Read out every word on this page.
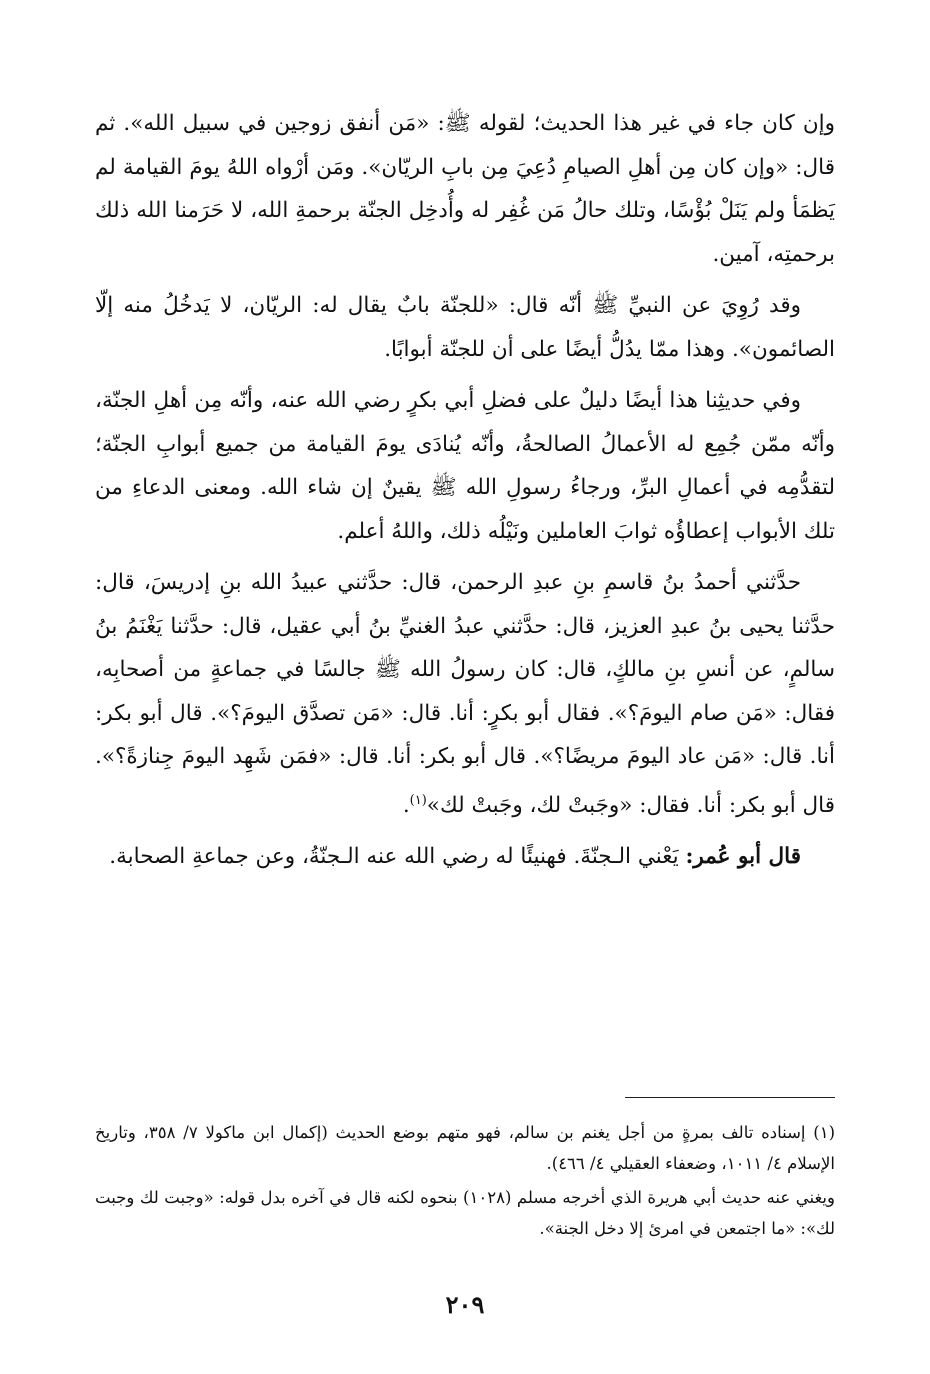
وإن كان جاء في غير هذا الحديث؛ لقوله ﷺ: «مَن أنفق زوجين في سبيل الله». ثم قال: «وإن كان مِن أهلِ الصيامِ دُعِيَ مِن بابِ الريّان». ومَن أرْواه اللهُ يومَ القيامة لم يَظمَأ ولم يَنَلْ بُؤْسًا، وتلك حالُ مَن غُفِر له وأُدخِل الجنّة برحمةِ الله، لا حَرَمنا الله ذلك برحمتِه، آمين.

وقد رُوِيَ عن النبيِّ ﷺ أنّه قال: «للجنّة بابٌ يقال له: الريّان، لا يَدخُلُ منه إلّا الصائمون». وهذا ممّا يدُلُّ أيضًا على أن للجنّة أبوابًا.

وفي حديثِنا هذا أيضًا دليلٌ على فضلِ أبي بكرٍ رضي الله عنه، وأنّه مِن أهلِ الجنّة، وأنّه ممّن جُمِع له الأعمالُ الصالحةُ، وأنّه يُنادَى يومَ القيامة من جميع أبوابِ الجنّة؛ لتقدُّمِه في أعمالِ البرِّ، ورجاءُ رسولِ الله ﷺ يقينٌ إن شاء الله. ومعنى الدعاءِ من تلك الأبواب إعطاؤُه ثوابَ العاملين ونَيْلُه ذلك، واللهُ أعلم.

حدَّثني أحمدُ بنُ قاسمِ بنِ عبدِ الرحمن، قال: حدَّثني عبيدُ الله بنِ إدريسَ، قال: حدَّثنا يحيى بنُ عبدِ العزيز، قال: حدَّثني عبدُ الغنيِّ بنُ أبي عقيل، قال: حدَّثنا يَغْنَمُ بنُ سالمٍ، عن أنسِ بنِ مالكٍ، قال: كان رسولُ الله ﷺ جالسًا في جماعةٍ من أصحابِه، فقال: «مَن صام اليومَ؟». فقال أبو بكرٍ: أنا. قال: «مَن تصدَّق اليومَ؟». قال أبو بكر: أنا. قال: «مَن عاد اليومَ مريضًا؟». قال أبو بكر: أنا. قال: «فمَن شَهِد اليومَ جِنازةً؟». قال أبو بكر: أنا. فقال: «وجَبتْ لك، وجَبتْ لك»$^{(١)}$.

قال أبو عُمر: يَعْني الـجنّةَ. فهنيئًا له رضي الله عنه الـجنّةُ، وعن جماعةِ الصحابة.

(١) إسناده تالف بمرةٍ من أجل يغنم بن سالم، فهو متهم بوضع الحديث (إكمال ابن ماكولا ٧/ ٣٥٨، وتاريخ الإسلام ٤/ ١٠١١، وضعفاء العقيلي ٤/ ٤٦٦).

ويغني عنه حديث أبي هريرة الذي أخرجه مسلم (١٠٢٨) بنحوه لكنه قال في آخره بدل قوله: «وجبت لك وجبت لك»: «ما اجتمعن في امرئ إلا دخل الجنة».

٢٠٩
